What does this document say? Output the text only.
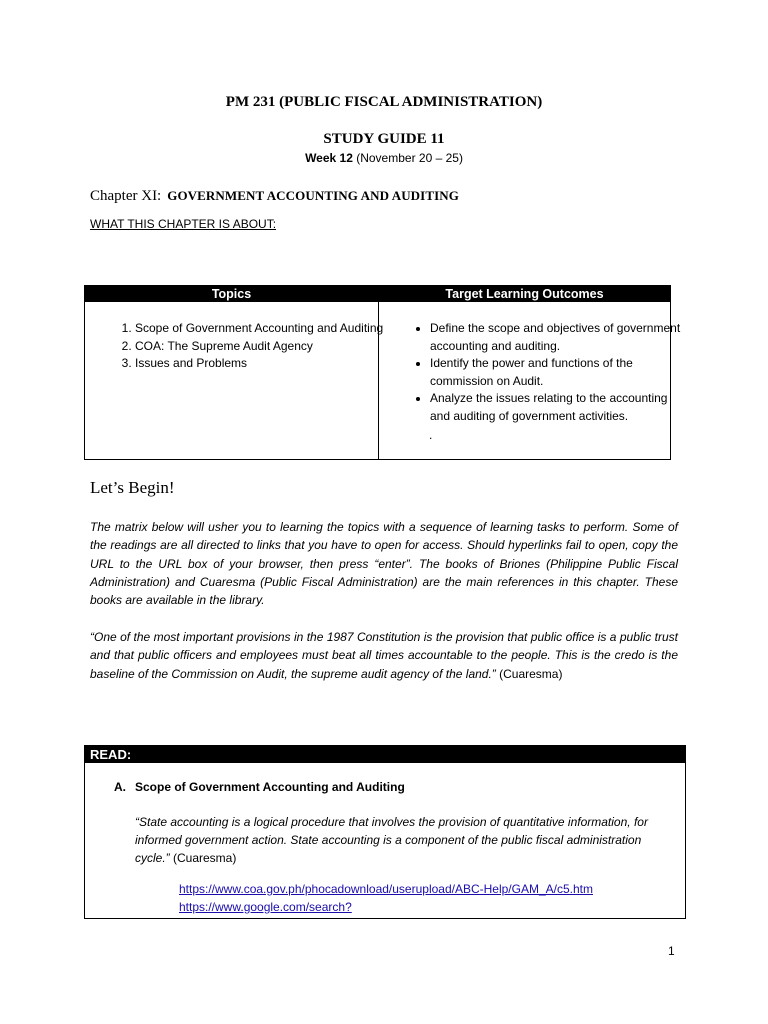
PM 231 (PUBLIC FISCAL ADMINISTRATION)
STUDY GUIDE 11
Week 12 (November 20 – 25)
Chapter XI: GOVERNMENT ACCOUNTING AND AUDITING
WHAT THIS CHAPTER IS ABOUT:
Topics	Target Learning Outcomes
1. Scope of Government Accounting and Auditing
2. COA: The Supreme Audit Agency
3. Issues and Problems
• Define the scope and objectives of government accounting and auditing.
• Identify the power and functions of the commission on Audit.
• Analyze the issues relating to the accounting and auditing of government activities.
.
Let’s Begin!
The matrix below will usher you to learning the topics with a sequence of learning tasks to perform. Some of the readings are all directed to links that you have to open for access. Should hyperlinks fail to open, copy the URL to the URL box of your browser, then press “enter”. The books of Briones (Philippine Public Fiscal Administration) and Cuaresma (Public Fiscal Administration) are the main references in this chapter. These books are available in the library.
“One of the most important provisions in the 1987 Constitution is the provision that public office is a public trust and that public officers and employees must beat all times accountable to the people. This is the credo is the baseline of the Commission on Audit, the supreme audit agency of the land.” (Cuaresma)
READ:
A. Scope of Government Accounting and Auditing
“State accounting is a logical procedure that involves the provision of quantitative information, for informed government action. State accounting is a component of the public fiscal administration cycle.” (Cuaresma)
https://www.coa.gov.ph/phocadownload/userupload/ABC-Help/GAM_A/c5.htm
https://www.google.com/search?
1
